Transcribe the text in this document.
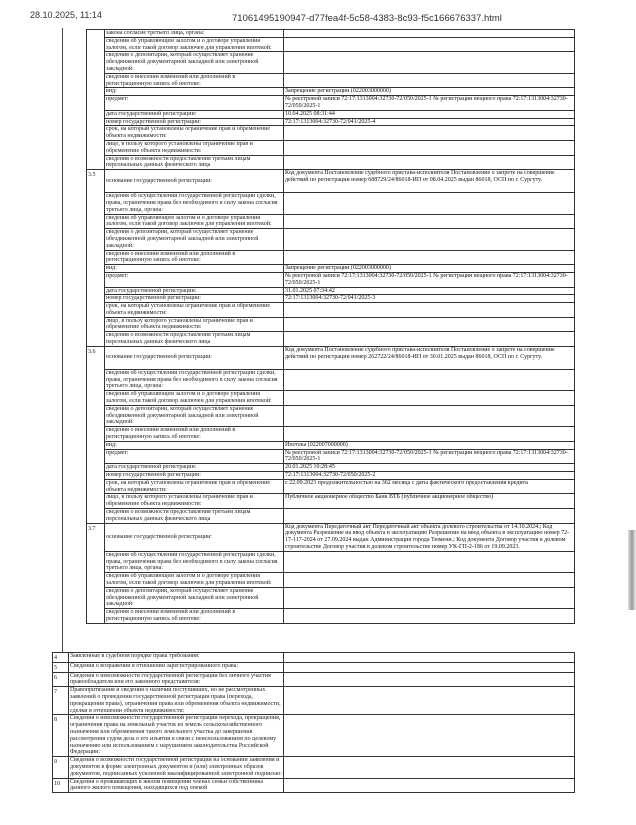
28.10.2025, 11:14	71061495190947-d77fea4f-5c58-4383-8c93-f5c166676337.html
		закона согласие третьего лица, органа:	
		сведения об управляющем залогом и о договоре управления залогом, если такой договор заключен для управления ипотекой:	
		сведения о депозитарии, который осуществляет хранение обездвиженной документарной закладной или электронной закладной:	
		сведения о внесении изменений или дополнений в регистрационную запись об ипотеке:	
		вид:	Запрещение регистрации (022003000000)
		предмет:	№ реестровой записи 72:17:1313004:32730-72/050/2025-1 № регистрации вещного права 72:17:1313004:32730-72/050/2025-1
		дата государственной регистрации:	10.04.2025 08:31:44
		номер государственной регистрации:	72:17:1313004:32730-72/041/2025-4
		срок, на который установлены ограничение прав и обременение объекта недвижимости:	
		лицо, в пользу которого установлены ограничение прав и обременение объекта недвижимости:	
		сведения о возможности предоставления третьим лицам персональных данных физического лица	
	3.5	основание государственной регистрации:	Код документа Постановление судебного пристава-исполнителя Постановление о запрете на совершение действий по регистрации номер 688729/24/86018-ИП от 08.04.2025 выдан 86018, ОСП по г. Сургуту.
		сведения об осуществлении государственной регистрации сделки, права, ограничения права без необходимого в силу закона согласия третьего лица, органа:	
		сведения об управляющем залогом и о договоре управления залогом, если такой договор заключен для управления ипотекой:	
		сведения о депозитарии, который осуществляет хранение обездвиженной документарной закладной или электронной закладной:	
		сведения о внесении изменений или дополнений в регистрационную запись об ипотеке:	
		вид:	Запрещение регистрации (022003000000)
		предмет:	№ реестровой записи 72:17:1313004:32730-72/050/2025-1 № регистрации вещного права 72:17:1313004:32730-72/050/2025-1
		дата государственной регистрации:	31.01.2025 07:34:42
		номер государственной регистрации:	72:17:1313004:32730-72/041/2025-3
		срок, на который установлены ограничение прав и обременение объекта недвижимости:	
		лицо, в пользу которого установлены ограничение прав и обременение объекта недвижимости:	
		сведения о возможности предоставления третьим лицам персональных данных физического лица	
	3.6	основание государственной регистрации:	Код документа Постановление судебного пристава-исполнителя Постановление о запрете на совершение действий по регистрации номер 262722/24/86018-ИП от 30.01.2025 выдан 86018, ОСП по г. Сургуту.
		сведения об осуществлении государственной регистрации сделки, права, ограничения права без необходимого в силу закона согласия третьего лица, органа:	
		сведения об управляющем залогом и о договоре управления залогом, если такой договор заключен для управления ипотекой:	
		сведения о депозитарии, который осуществляет хранение обездвиженной документарной закладной или электронной закладной:	
		сведения о внесении изменений или дополнений в регистрационную запись об ипотеке:	
		вид:	Ипотека (022007000000)
		предмет:	№ реестровой записи 72:17:1313004:32730-72/050/2025-1 № регистрации вещного права 72:17:1313004:32730-72/050/2025-1
		дата государственной регистрации:	20.01.2025 10:28:45
		номер государственной регистрации:	72:17:1313004:32730-72/050/2025-2
		срок, на который установлены ограничение прав и обременение объекта недвижимости:	с 22.09.2023 продолжительностью на 362 месяца с даты фактического предоставления кредита
		лицо, в пользу которого установлены ограничение прав и обременение объекта недвижимости:	Публичное акционерное общество Банк ВТБ (публичное акционерное общество)
		сведения о возможности предоставления третьим лицам персональных данных физического лица	
	3.7	основание государственной регистрации:	Код документа Передаточный акт Передаточный акт объекта долевого строительства от 14.10.2024.; Код документа Разрешение на ввод объекта в эксплуатацию Разрешение на ввод объекта в эксплуатацию номер 72-17-117-2024 от 27.09.2024 выдан Администрация города Тюмени.; Код документа Договор участия в долевом строительстве Договор участия в долевом строительстве номер УК-ГП-2-186 от 19.09.2023.
		сведения об осуществлении государственной регистрации сделки, права, ограничения права без необходимого в силу закона согласия третьего лица, органа:	
		сведения об управляющем залогом и о договоре управления залогом, если такой договор заключен для управления ипотекой:	
		сведения о депозитарии, который осуществляет хранение обездвиженной документарной закладной или электронной закладной:	
		сведения о внесении изменений или дополнений в регистрационную запись об ипотеке:	
4	Заявленные в судебном порядке права требования:	
5	Сведения о возражении в отношении зарегистрированного права:	
6	Сведения о невозможности государственной регистрации без личного участия правообладателя или его законного представителя:	
7	Правопритязания и сведения о наличии поступивших, но не рассмотренных заявлений о проведении государственной регистрации права (перехода, прекращения права), ограничения права или обременения объекта недвижимости, сделки в отношении объекта недвижимости:	
8	Сведения о невозможности государственной регистрации перехода, прекращения, ограничения права на земельный участок из земель сельскохозяйственного назначения или обременения такого земельного участка до завершения рассмотрения судом дела о его изъятии в связи с неиспользованием по целевому назначению или использованием с нарушением законодательства Российской Федерации:	
9	Сведения о возможности государственной регистрации на основании заявления и документов в форме электронных документов и (или) электронных образов документов, подписанных усиленной квалифицированной электронной подписью:	
10	Сведения о проживающих в жилом помещении членах семьи собственника данного жилого помещения, находящихся под опекой	
